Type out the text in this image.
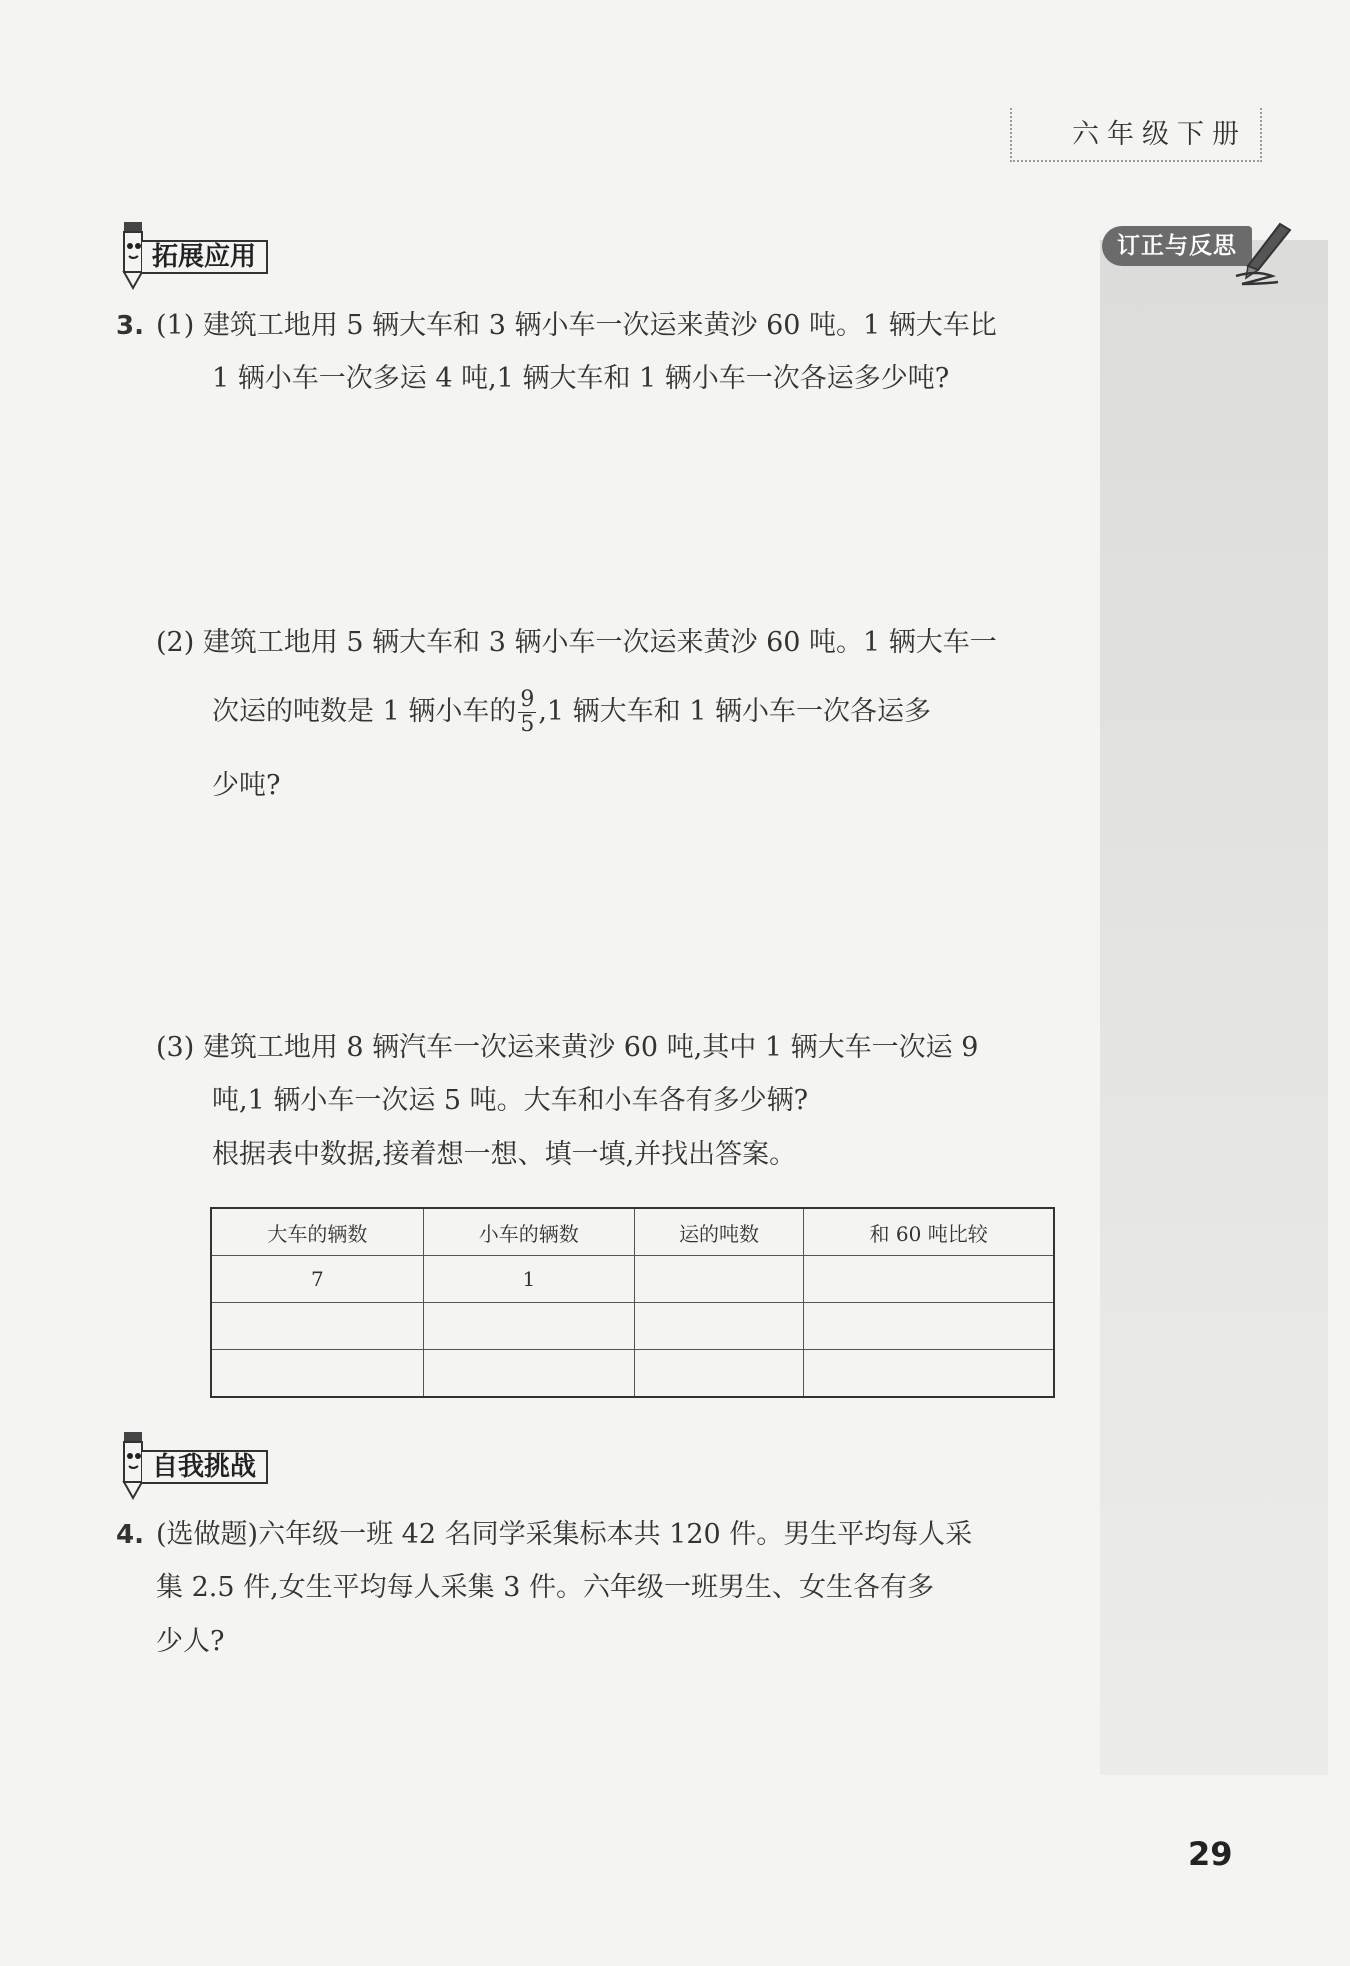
六年级下册
订正与反思
拓展应用
3. (1) 建筑工地用 5 辆大车和 3 辆小车一次运来黄沙 60 吨。1 辆大车比
1 辆小车一次多运 4 吨,1 辆大车和 1 辆小车一次各运多少吨?
(2) 建筑工地用 5 辆大车和 3 辆小车一次运来黄沙 60 吨。1 辆大车一
次运的吨数是 1 辆小车的 $\frac{9}{5} ,1$ 辆大车和 1 辆小车一次各运多
少吨?
(3) 建筑工地用 8 辆汽车一次运来黄沙 60 吨,其中 1 辆大车一次运 9
吨,1 辆小车一次运 5 吨。大车和小车各有多少辆?
根据表中数据,接着想一想、填一填,并找出答案。
大车的辆数	小车的辆数	运的吨数	和 60 吨比较
7	1		

自我挑战
4. (选做题)六年级一班 42 名同学采集标本共 120 件。男生平均每人采
集 2.5 件,女生平均每人采集 3 件。六年级一班男生、女生各有多
少人?
29
